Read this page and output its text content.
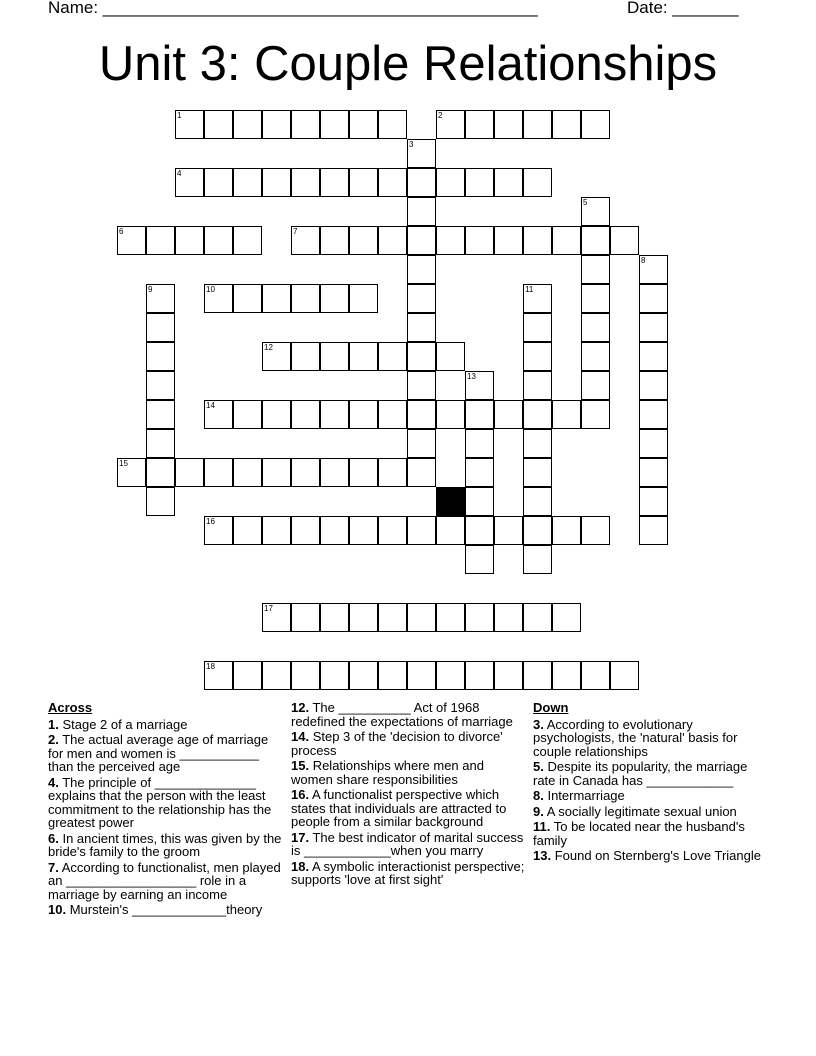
Name: ______________________________________________	Date: _______
Unit 3: Couple Relationships
1	2
3
4
5
6	7
8
9	10	11
12
13
14
15
16
17
18
Across
1. Stage 2 of a marriage
2. The actual average age of marriage for men and women is ___________ than the perceived age
4. The principle of ______________ explains that the person with the least commitment to the relationship has the greatest power
6. In ancient times, this was given by the bride's family to the groom
7. According to functionalist, men played an __________________ role in a marriage by earning an income
10. Murstein's _____________theory
12. The __________ Act of 1968 redefined the expectations of marriage
14. Step 3 of the 'decision to divorce' process
15. Relationships where men and women share responsibilities
16. A functionalist perspective which states that individuals are attracted to people from a similar background
17. The best indicator of marital success is ____________when you marry
18. A symbolic interactionist perspective; supports 'love at first sight'
Down
3. According to evolutionary psychologists, the 'natural' basis for couple relationships
5. Despite its popularity, the marriage rate in Canada has ____________
8. Intermarriage
9. A socially legitimate sexual union
11. To be located near the husband's family
13. Found on Sternberg's Love Triangle
